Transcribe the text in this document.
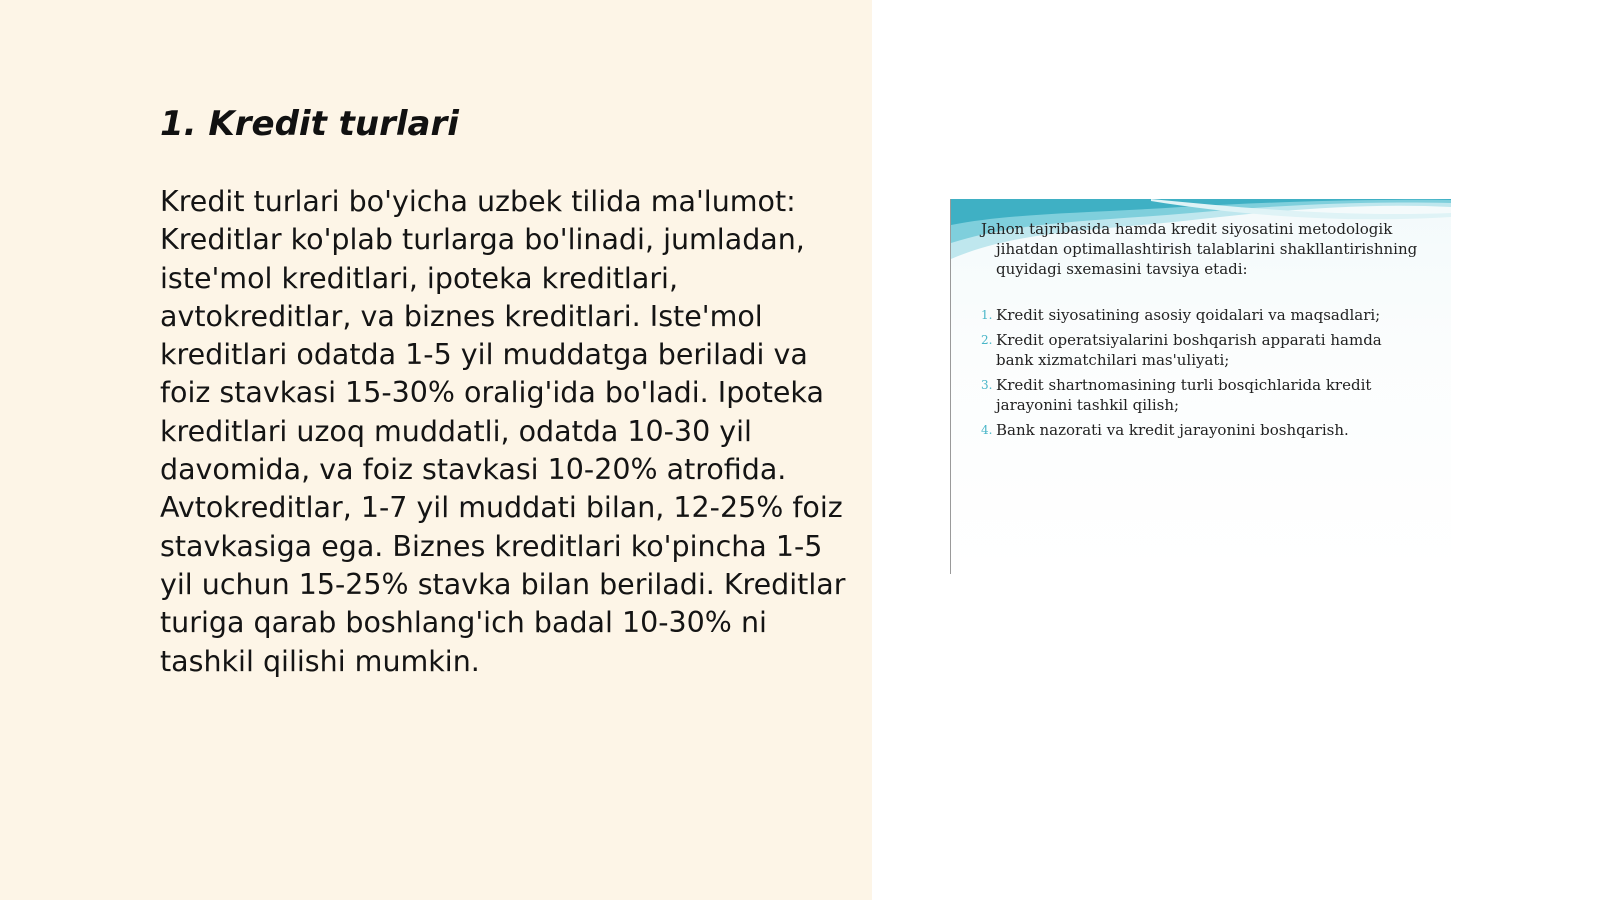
1. Kredit turlari

Kredit turlari bo'yicha uzbek tilida ma'lumot: Kreditlar ko'plab turlarga bo'linadi, jumladan, iste'mol kreditlari, ipoteka kreditlari, avtokreditlar, va biznes kreditlari. Iste'mol kreditlari odatda 1-5 yil muddatga beriladi va foiz stavkasi 15-30% oralig'ida bo'ladi. Ipoteka kreditlari uzoq muddatli, odatda 10-30 yil davomida, va foiz stavkasi 10-20% atrofida. Avtokreditlar, 1-7 yil muddati bilan, 12-25% foiz stavkasiga ega. Biznes kreditlari ko'pincha 1-5 yil uchun 15-25% stavka bilan beriladi. Kreditlar turiga qarab boshlang'ich badal 10-30% ni tashkil qilishi mumkin.

Jahon tajribasida hamda kredit siyosatini metodologik jihatdan optimallashtirish talablarini shakllantirishning quyidagi sxemasini tavsiya etadi:

1. Kredit siyosatining asosiy qoidalari va maqsadlari;
2. Kredit operatsiyalarini boshqarish apparati hamda bank xizmatchilari mas'uliyati;
3. Kredit shartnomasining turli bosqichlarida kredit jarayonini tashkil qilish;
4. Bank nazorati va kredit jarayonini boshqarish.
